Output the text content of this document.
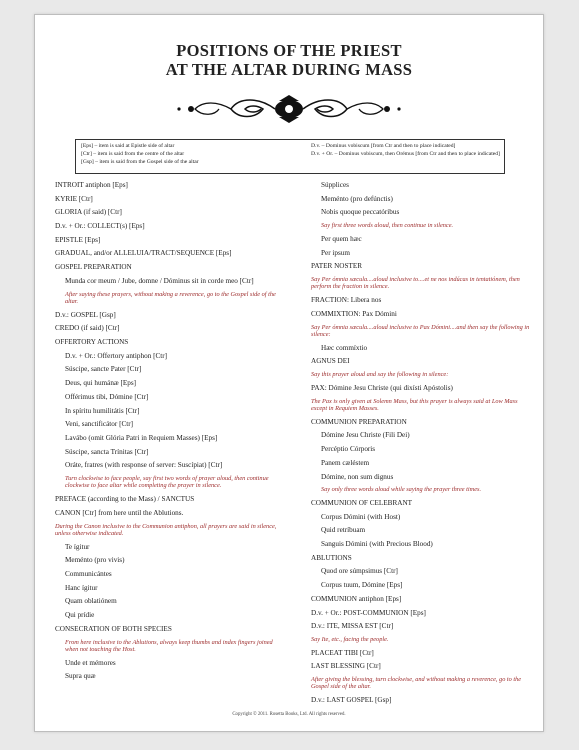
POSITIONS OF THE PRIEST
AT THE ALTAR DURING MASS
[Eps] – item is said at Epistle side of altar
[Ctr] – item is said from the centre of the altar
[Gsp] – item is said from the Gospel side of the altar
D.v. – Dominus vobiscum [from Ctr and then to place indicated]
D.v. + Or. – Dominus vobiscum, then Orémus [from Ctr and then to place indicated]
INTROIT antiphon [Eps]
KYRIE [Ctr]
GLORIA (if said) [Ctr]
D.v. + Or.: COLLECT(s) [Eps]
EPISTLE [Eps]
GRADUAL, and/or ALLELUIA/TRACT/SEQUENCE [Eps]
GOSPEL PREPARATION
Munda cor meum / Jube, domne / Dóminus sit in corde meo [Ctr]
After saying these prayers, without making a reverence, go to the Gospel side of the altar.
D.v.: GOSPEL [Gsp]
CREDO (if said) [Ctr]
OFFERTORY ACTIONS
D.v. + Or.: Offertory antiphon [Ctr]
Súscipe, sancte Pater [Ctr]
Deus, qui humánæ [Eps]
Offérimus tibi, Dómine [Ctr]
In spíritu humilitátis [Ctr]
Veni, sanctificátor [Ctr]
Lavábo (omit Glória Patri in Requiem Masses) [Eps]
Súscipe, sancta Trínitas [Ctr]
Oráte, fratres (with response of server: Suscípiat) [Ctr]
Turn clockwise to face people, say first two words of prayer aloud, then continue clockwise to face altar while completing the prayer in silence.
PREFACE (according to the Mass) / SANCTUS
CANON [Ctr] from here until the Ablutions.
During the Canon inclusive to the Communion antiphon, all prayers are said in silence, unless otherwise indicated.
Te ígitur
Meménto (pro vivis)
Communicántes
Hanc ígitur
Quam oblatiónem
Qui prídie
CONSECRATION OF BOTH SPECIES
From here inclusive to the Ablutions, always keep thumbs and index fingers joined when not touching the Host.
Unde et mémores
Supra quæ
Súpplices
Meménto (pro defúnctis)
Nobis quoque peccatóribus
Say first three words aloud, then continue in silence.
Per quem hæc
Per ipsum
PATER NOSTER
Say Per ómnia sæcula....aloud inclusive to....et ne nos indúcas in tentatiónem, then perform the fraction in silence.
FRACTION: Libera nos
COMMIXTION: Pax Dómini
Say Per ómnia sæcula....aloud inclusive to Pax Dómini....and then say the following in silence:
Hæc commíxtio
AGNUS DEI
Say this prayer aloud and say the following in silence:
PAX: Dómine Jesu Christe (qui dixísti Apóstolis)
The Pax is only given at Solemn Mass, but this prayer is always said at Low Mass except in Requiem Masses.
COMMUNION PREPARATION
Dómine Jesu Christe (Fili Dei)
Percéptio Córporis
Panem cæléstem
Dómine, non sum dignus
Say only three words aloud while saying the prayer three times.
COMMUNION OF CELEBRANT
Corpus Dómini (with Host)
Quid retríbuam
Sanguis Dómini (with Precious Blood)
ABLUTIONS
Quod ore súmpsimus [Ctr]
Corpus tuum, Dómine [Eps]
COMMUNION antiphon [Eps]
D.v. + Or.: POST-COMMUNION [Eps]
D.v.: ITE, MISSA EST [Ctr]
Say Ite, etc., facing the people.
PLACEAT TIBI [Ctr]
LAST BLESSING [Ctr]
After giving the blessing, turn clockwise, and without making a reverence, go to the Gospel side of the altar.
D.v.: LAST GOSPEL [Gsp]
Copyright © 2011. Rosetta Books, Ltd. All rights reserved.
